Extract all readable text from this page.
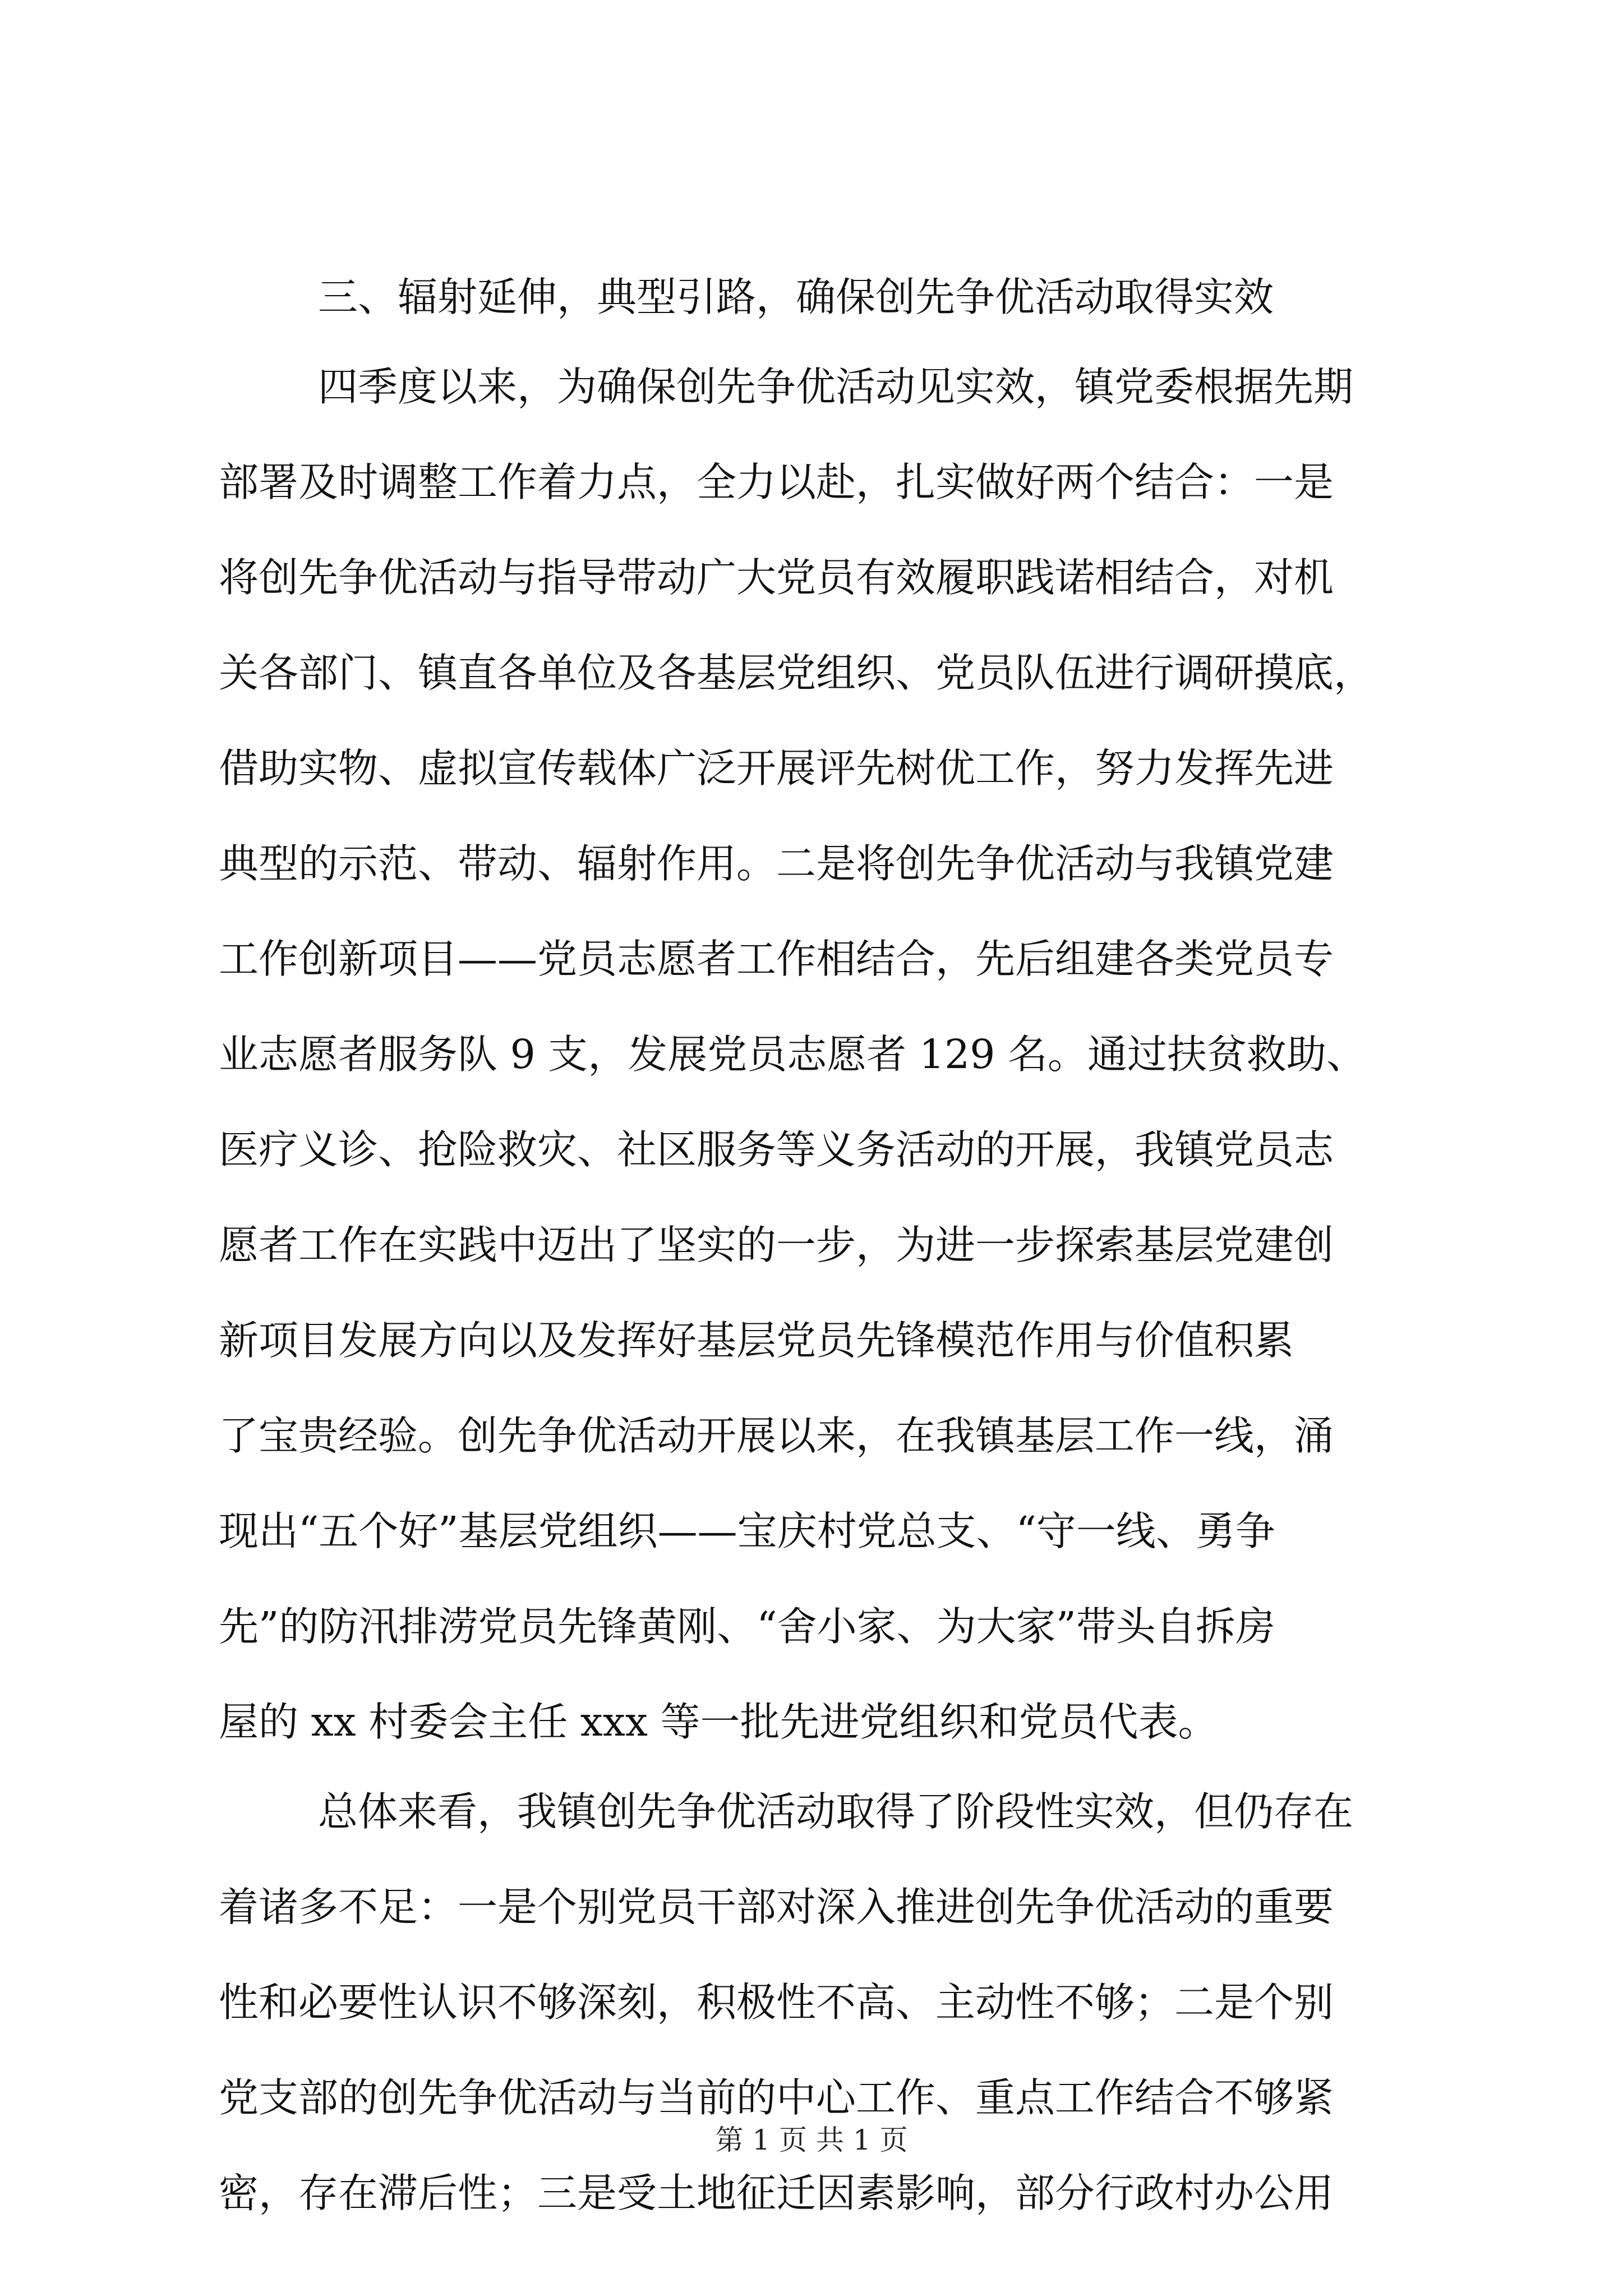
三、辐射延伸，典型引路，确保创先争优活动取得实效
四季度以来，为确保创先争优活动见实效，镇党委根据先期
部署及时调整工作着力点，全力以赴，扎实做好两个结合：一是
将创先争优活动与指导带动广大党员有效履职践诺相结合，对机
关各部门、镇直各单位及各基层党组织、党员队伍进行调研摸底，
借助实物、虚拟宣传载体广泛开展评先树优工作，努力发挥先进
典型的示范、带动、辐射作用。二是将创先争优活动与我镇党建
工作创新项目——党员志愿者工作相结合，先后组建各类党员专
业志愿者服务队 9 支，发展党员志愿者 129 名。通过扶贫救助、
医疗义诊、抢险救灾、社区服务等义务活动的开展，我镇党员志
愿者工作在实践中迈出了坚实的一步，为进一步探索基层党建创
新项目发展方向以及发挥好基层党员先锋模范作用与价值积累
了宝贵经验。创先争优活动开展以来，在我镇基层工作一线，涌
现出“五个好”基层党组织——宝庆村党总支、“守一线、勇争
先”的防汛排涝党员先锋黄刚、“舍小家、为大家”带头自拆房
屋的 xx 村委会主任 xxx 等一批先进党组织和党员代表。
总体来看，我镇创先争优活动取得了阶段性实效，但仍存在
着诸多不足：一是个别党员干部对深入推进创先争优活动的重要
性和必要性认识不够深刻，积极性不高、主动性不够；二是个别
党支部的创先争优活动与当前的中心工作、重点工作结合不够紧
密，存在滞后性；三是受土地征迁因素影响，部分行政村办公用
第 1 页 共 1 页
